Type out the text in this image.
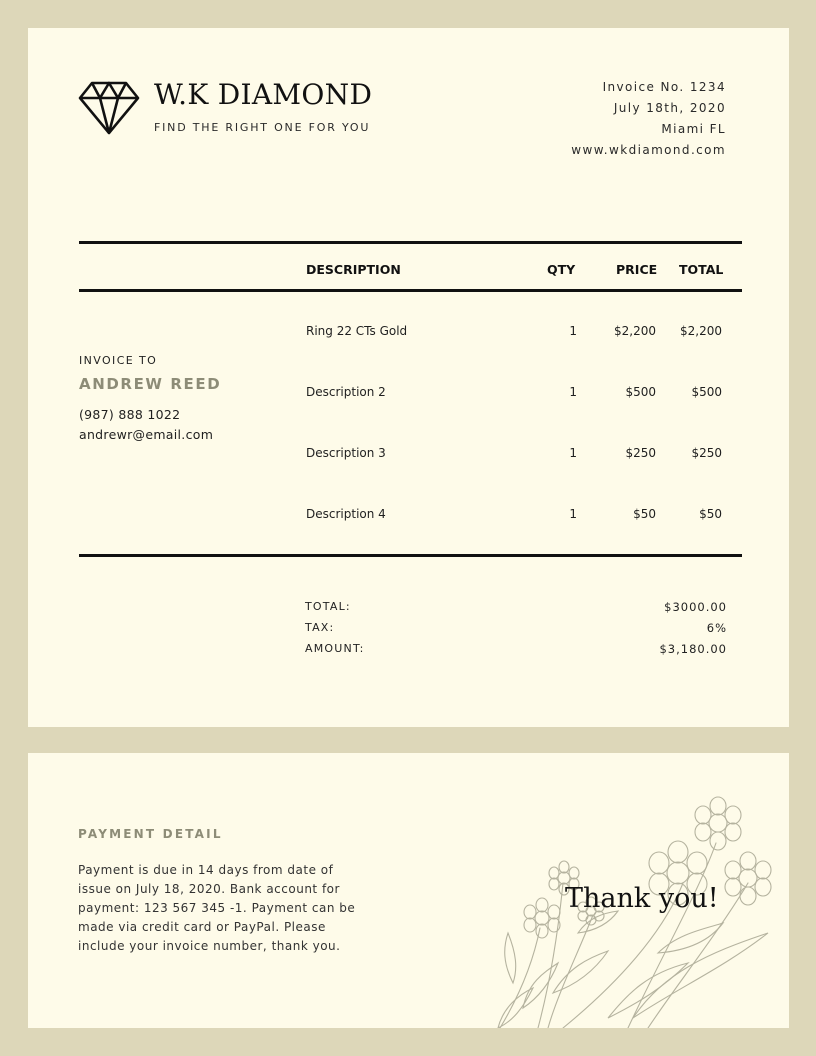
W.K DIAMOND
FIND THE RIGHT ONE FOR YOU
Invoice No. 1234
July 18th, 2020
Miami FL
www.wkdiamond.com
DESCRIPTION	QTY	PRICE TOTAL
Ring 22 CTs Gold	1	$2,200 $2,200
Description 2	1	$500	$500
Description 3	1	$250	$250
Description 4	1	$50	$50
INVOICE TO
ANDREW REED
(987) 888 1022
andrewr@email.com
TOTAL:	$3000.00
TAX:	6%
AMOUNT:	$3,180.00
PAYMENT DETAIL
Payment is due in 14 days from date of
issue on July 18, 2020. Bank account for
payment: 123 567 345 -1. Payment can be
made via credit card or PayPal. Please
include your invoice number, thank you.
Thank you!
